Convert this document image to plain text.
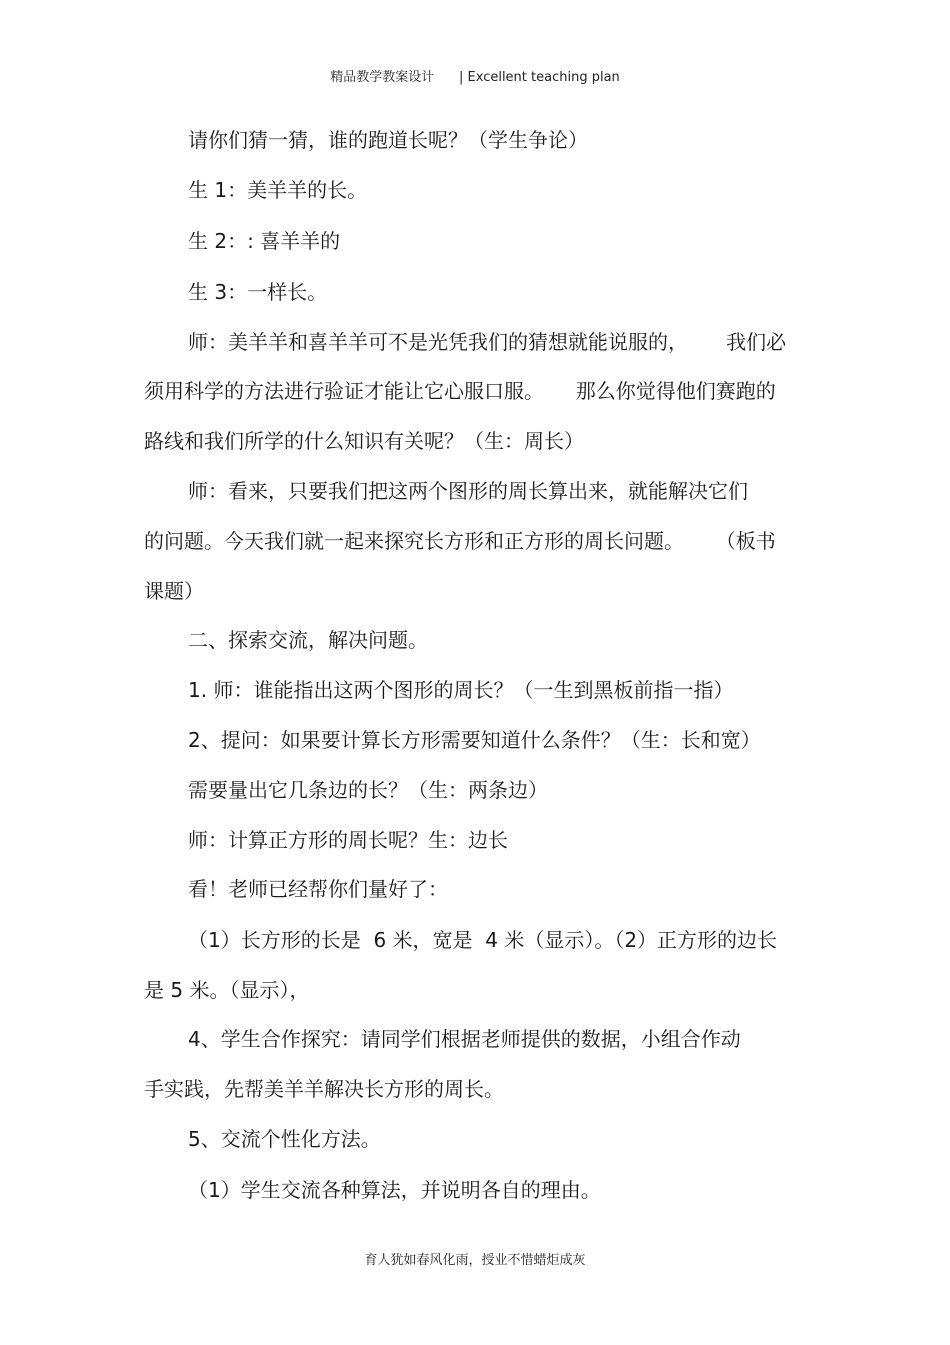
精品教学教案设计      | Excellent teaching plan
请你们猜一猜，谁的跑道长呢？（学生争论）
生 1：美羊羊的长。
生 2：: 喜羊羊的
生 3：一样长。
师：美羊羊和喜羊羊可不是光凭我们的猜想就能说服的，      我们必
须用科学的方法进行验证才能让它心服口服。     那么你觉得他们赛跑的
路线和我们所学的什么知识有关呢？（生：周长）
师：看来，只要我们把这两个图形的周长算出来，就能解决它们
的问题。今天我们就一起来探究长方形和正方形的周长问题。     （板书
课题）
二、探索交流，解决问题。
1. 师：谁能指出这两个图形的周长？（一生到黑板前指一指）
2、提问：如果要计算长方形需要知道什么条件？（生：长和宽）
需要量出它几条边的长？（生：两条边）
师：计算正方形的周长呢？生：边长
看！老师已经帮你们量好了：
（1）长方形的长是  6 米，宽是  4 米（显示）。（2）正方形的边长
是 5 米。（显示），
4、学生合作探究：请同学们根据老师提供的数据，小组合作动
手实践，先帮美羊羊解决长方形的周长。
5、交流个性化方法。
（1）学生交流各种算法，并说明各自的理由。
育人犹如春风化雨，授业不惜蜡炬成灰
